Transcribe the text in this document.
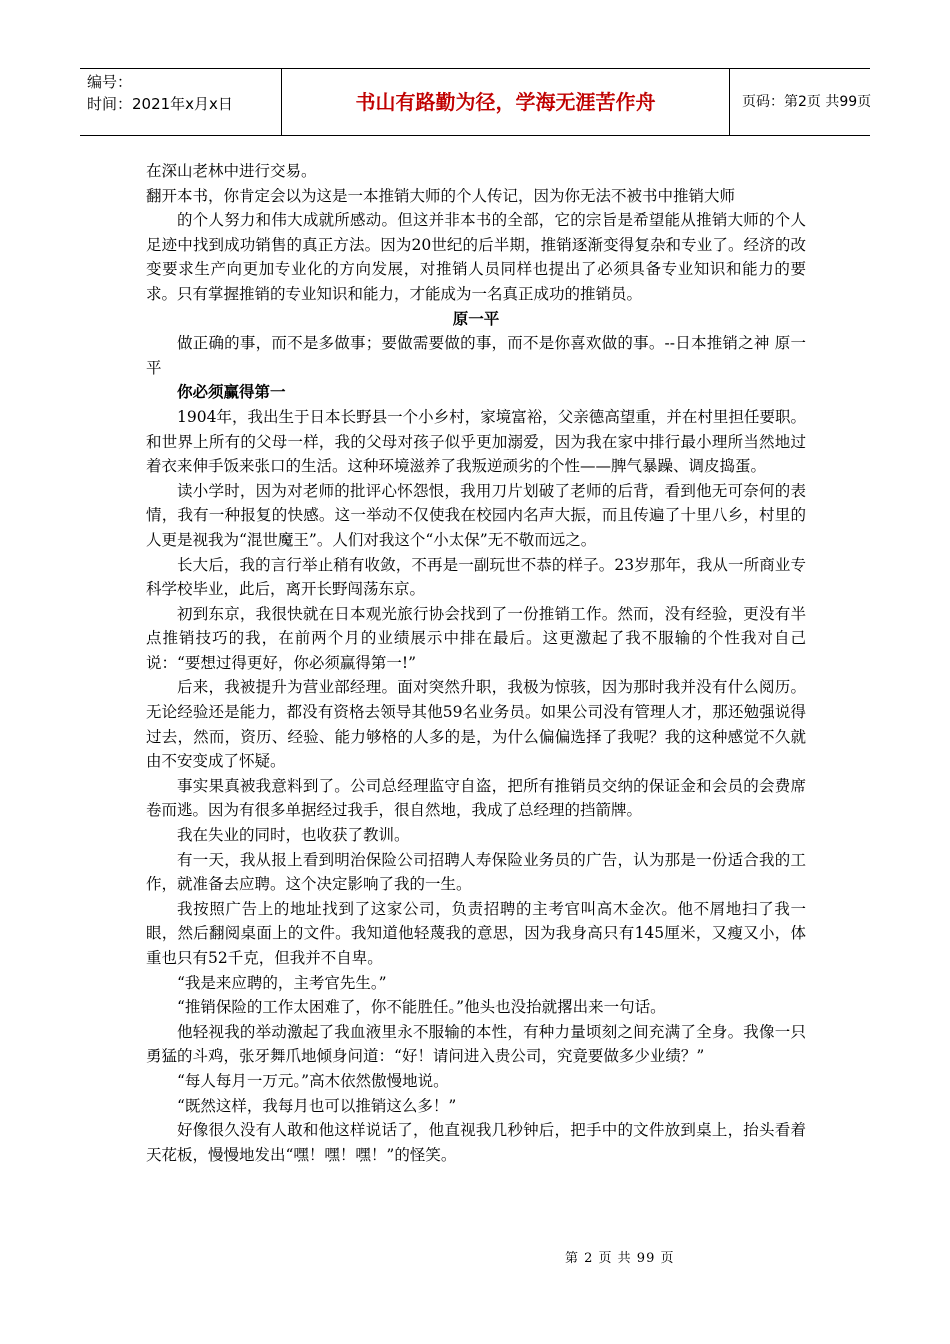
编号：
时间：2021年x月x日	书山有路勤为径，学海无涯苦作舟	页码：第2页 共99页

在深山老林中进行交易。

翻开本书，你肯定会以为这是一本推销大师的个人传记，因为你无法不被书中推销大师

的个人努力和伟大成就所感动。但这并非本书的全部，它的宗旨是希望能从推销大师的个人足迹中找到成功销售的真正方法。因为20世纪的后半期，推销逐渐变得复杂和专业了。经济的改变要求生产向更加专业化的方向发展，对推销人员同样也提出了必须具备专业知识和能力的要求。只有掌握推销的专业知识和能力，才能成为一名真正成功的推销员。

原一平

做正确的事，而不是多做事；要做需要做的事，而不是你喜欢做的事。--日本推销之神 原一平

你必须赢得第一

1904年，我出生于日本长野县一个小乡村，家境富裕，父亲德高望重，并在村里担任要职。和世界上所有的父母一样，我的父母对孩子似乎更加溺爱，因为我在家中排行最小理所当然地过着衣来伸手饭来张口的生活。这种环境滋养了我叛逆顽劣的个性——脾气暴躁、调皮捣蛋。

读小学时，因为对老师的批评心怀怨恨，我用刀片划破了老师的后背，看到他无可奈何的表情，我有一种报复的快感。这一举动不仅使我在校园内名声大振，而且传遍了十里八乡，村里的人更是视我为“混世魔王”。人们对我这个“小太保”无不敬而远之。

长大后，我的言行举止稍有收敛，不再是一副玩世不恭的样子。23岁那年，我从一所商业专科学校毕业，此后，离开长野闯荡东京。

初到东京，我很快就在日本观光旅行协会找到了一份推销工作。然而，没有经验，更没有半点推销技巧的我，在前两个月的业绩展示中排在最后。这更激起了我不服输的个性我对自己说：“要想过得更好，你必须赢得第一!”

后来，我被提升为营业部经理。面对突然升职，我极为惊骇，因为那时我并没有什么阅历。无论经验还是能力，都没有资格去领导其他59名业务员。如果公司没有管理人才，那还勉强说得过去，然而，资历、经验、能力够格的人多的是，为什么偏偏选择了我呢？我的这种感觉不久就由不安变成了怀疑。

事实果真被我意料到了。公司总经理监守自盗，把所有推销员交纳的保证金和会员的会费席卷而逃。因为有很多单据经过我手，很自然地，我成了总经理的挡箭牌。

我在失业的同时，也收获了教训。

有一天，我从报上看到明治保险公司招聘人寿保险业务员的广告，认为那是一份适合我的工作，就准备去应聘。这个决定影响了我的一生。

我按照广告上的地址找到了这家公司，负责招聘的主考官叫高木金次。他不屑地扫了我一眼，然后翻阅桌面上的文件。我知道他轻蔑我的意思，因为我身高只有145厘米，又瘦又小，体重也只有52千克，但我并不自卑。

“我是来应聘的，主考官先生。”

“推销保险的工作太困难了，你不能胜任。”他头也没抬就撂出来一句话。

他轻视我的举动激起了我血液里永不服输的本性，有种力量顷刻之间充满了全身。我像一只勇猛的斗鸡，张牙舞爪地倾身问道：“好！请问进入贵公司，究竟要做多少业绩？”

“每人每月一万元。”高木依然傲慢地说。

“既然这样，我每月也可以推销这么多！”

好像很久没有人敢和他这样说话了，他直视我几秒钟后，把手中的文件放到桌上，抬头看着天花板，慢慢地发出“嘿！嘿！嘿！”的怪笑。

第 2 页 共 99 页
